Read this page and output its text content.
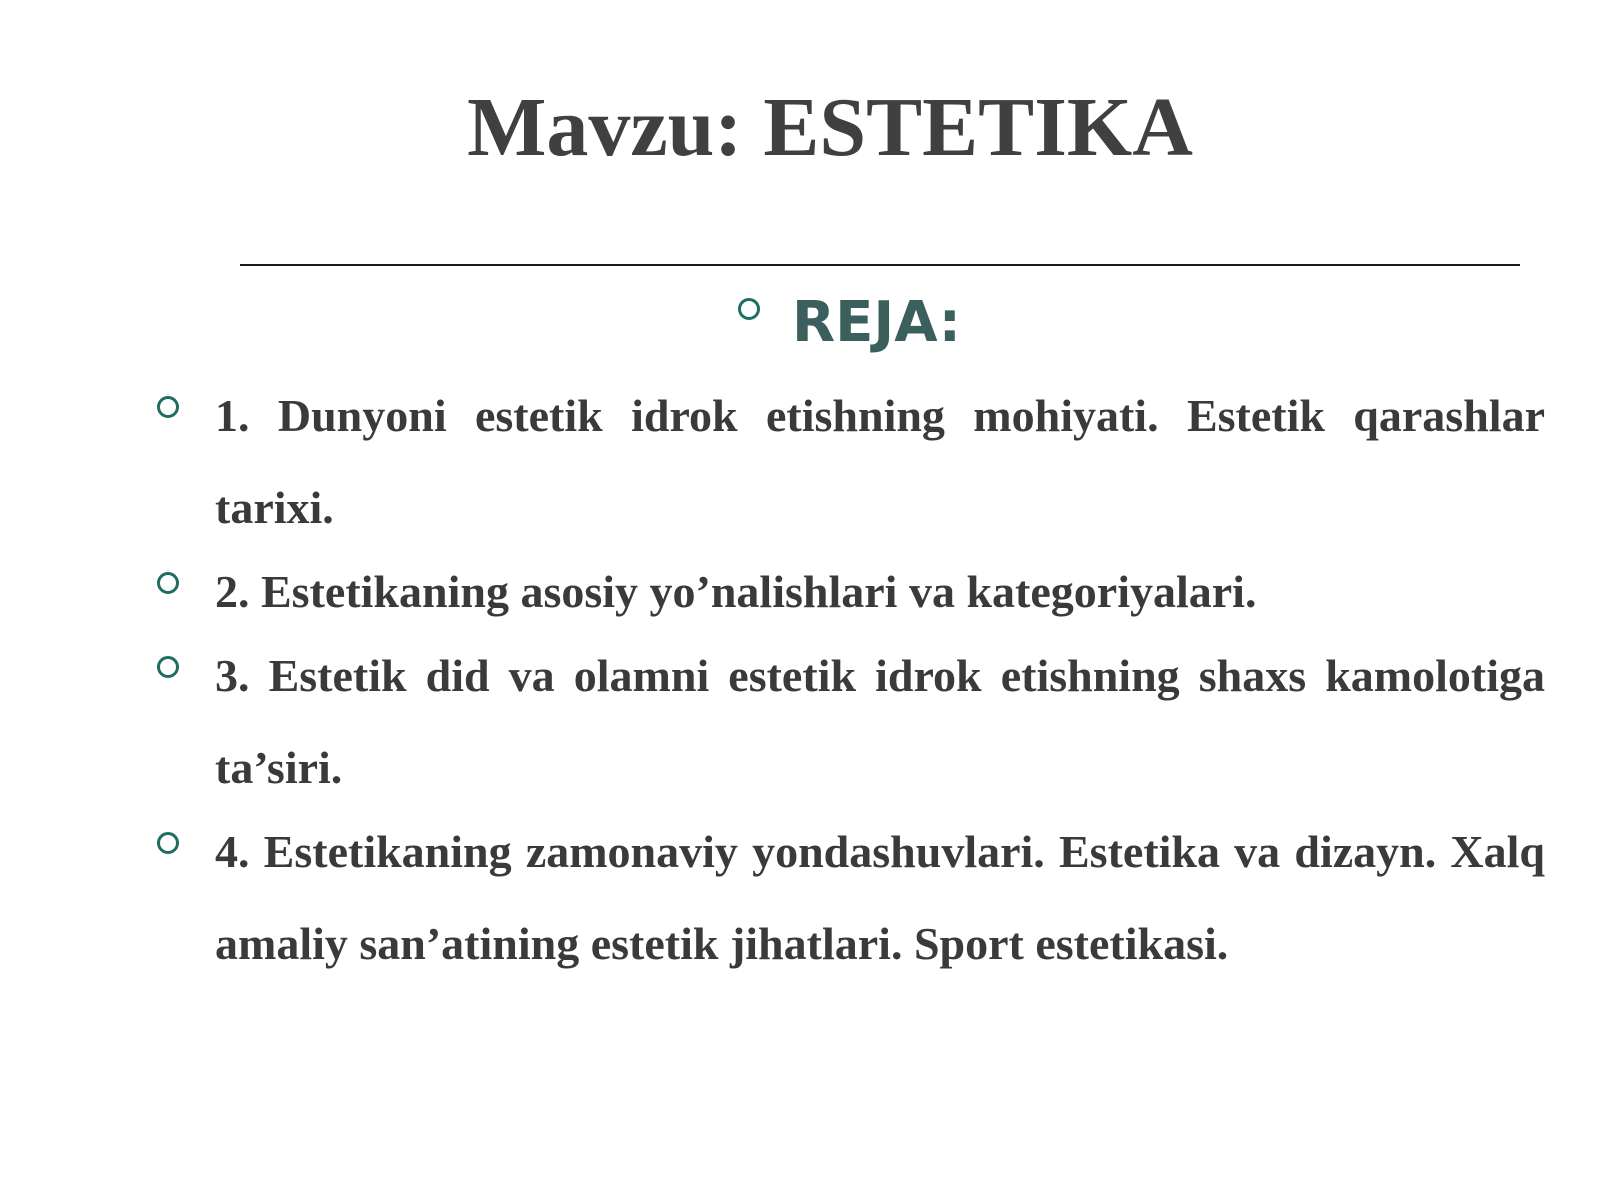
Mavzu: ESTETIKA
REJA:
1. Dunyoni estetik idrok etishning mohiyati. Estetik qarashlar tarixi.
2. Estetikaning asosiy yo’nalishlari va kategoriyalari.
3. Estetik did va olamni estetik idrok etishning shaxs kamolotiga ta’siri.
4. Estetikaning zamonaviy yondashuvlari. Estetika va dizayn. Xalq amaliy san’atining estetik jihatlari. Sport estetikasi.
